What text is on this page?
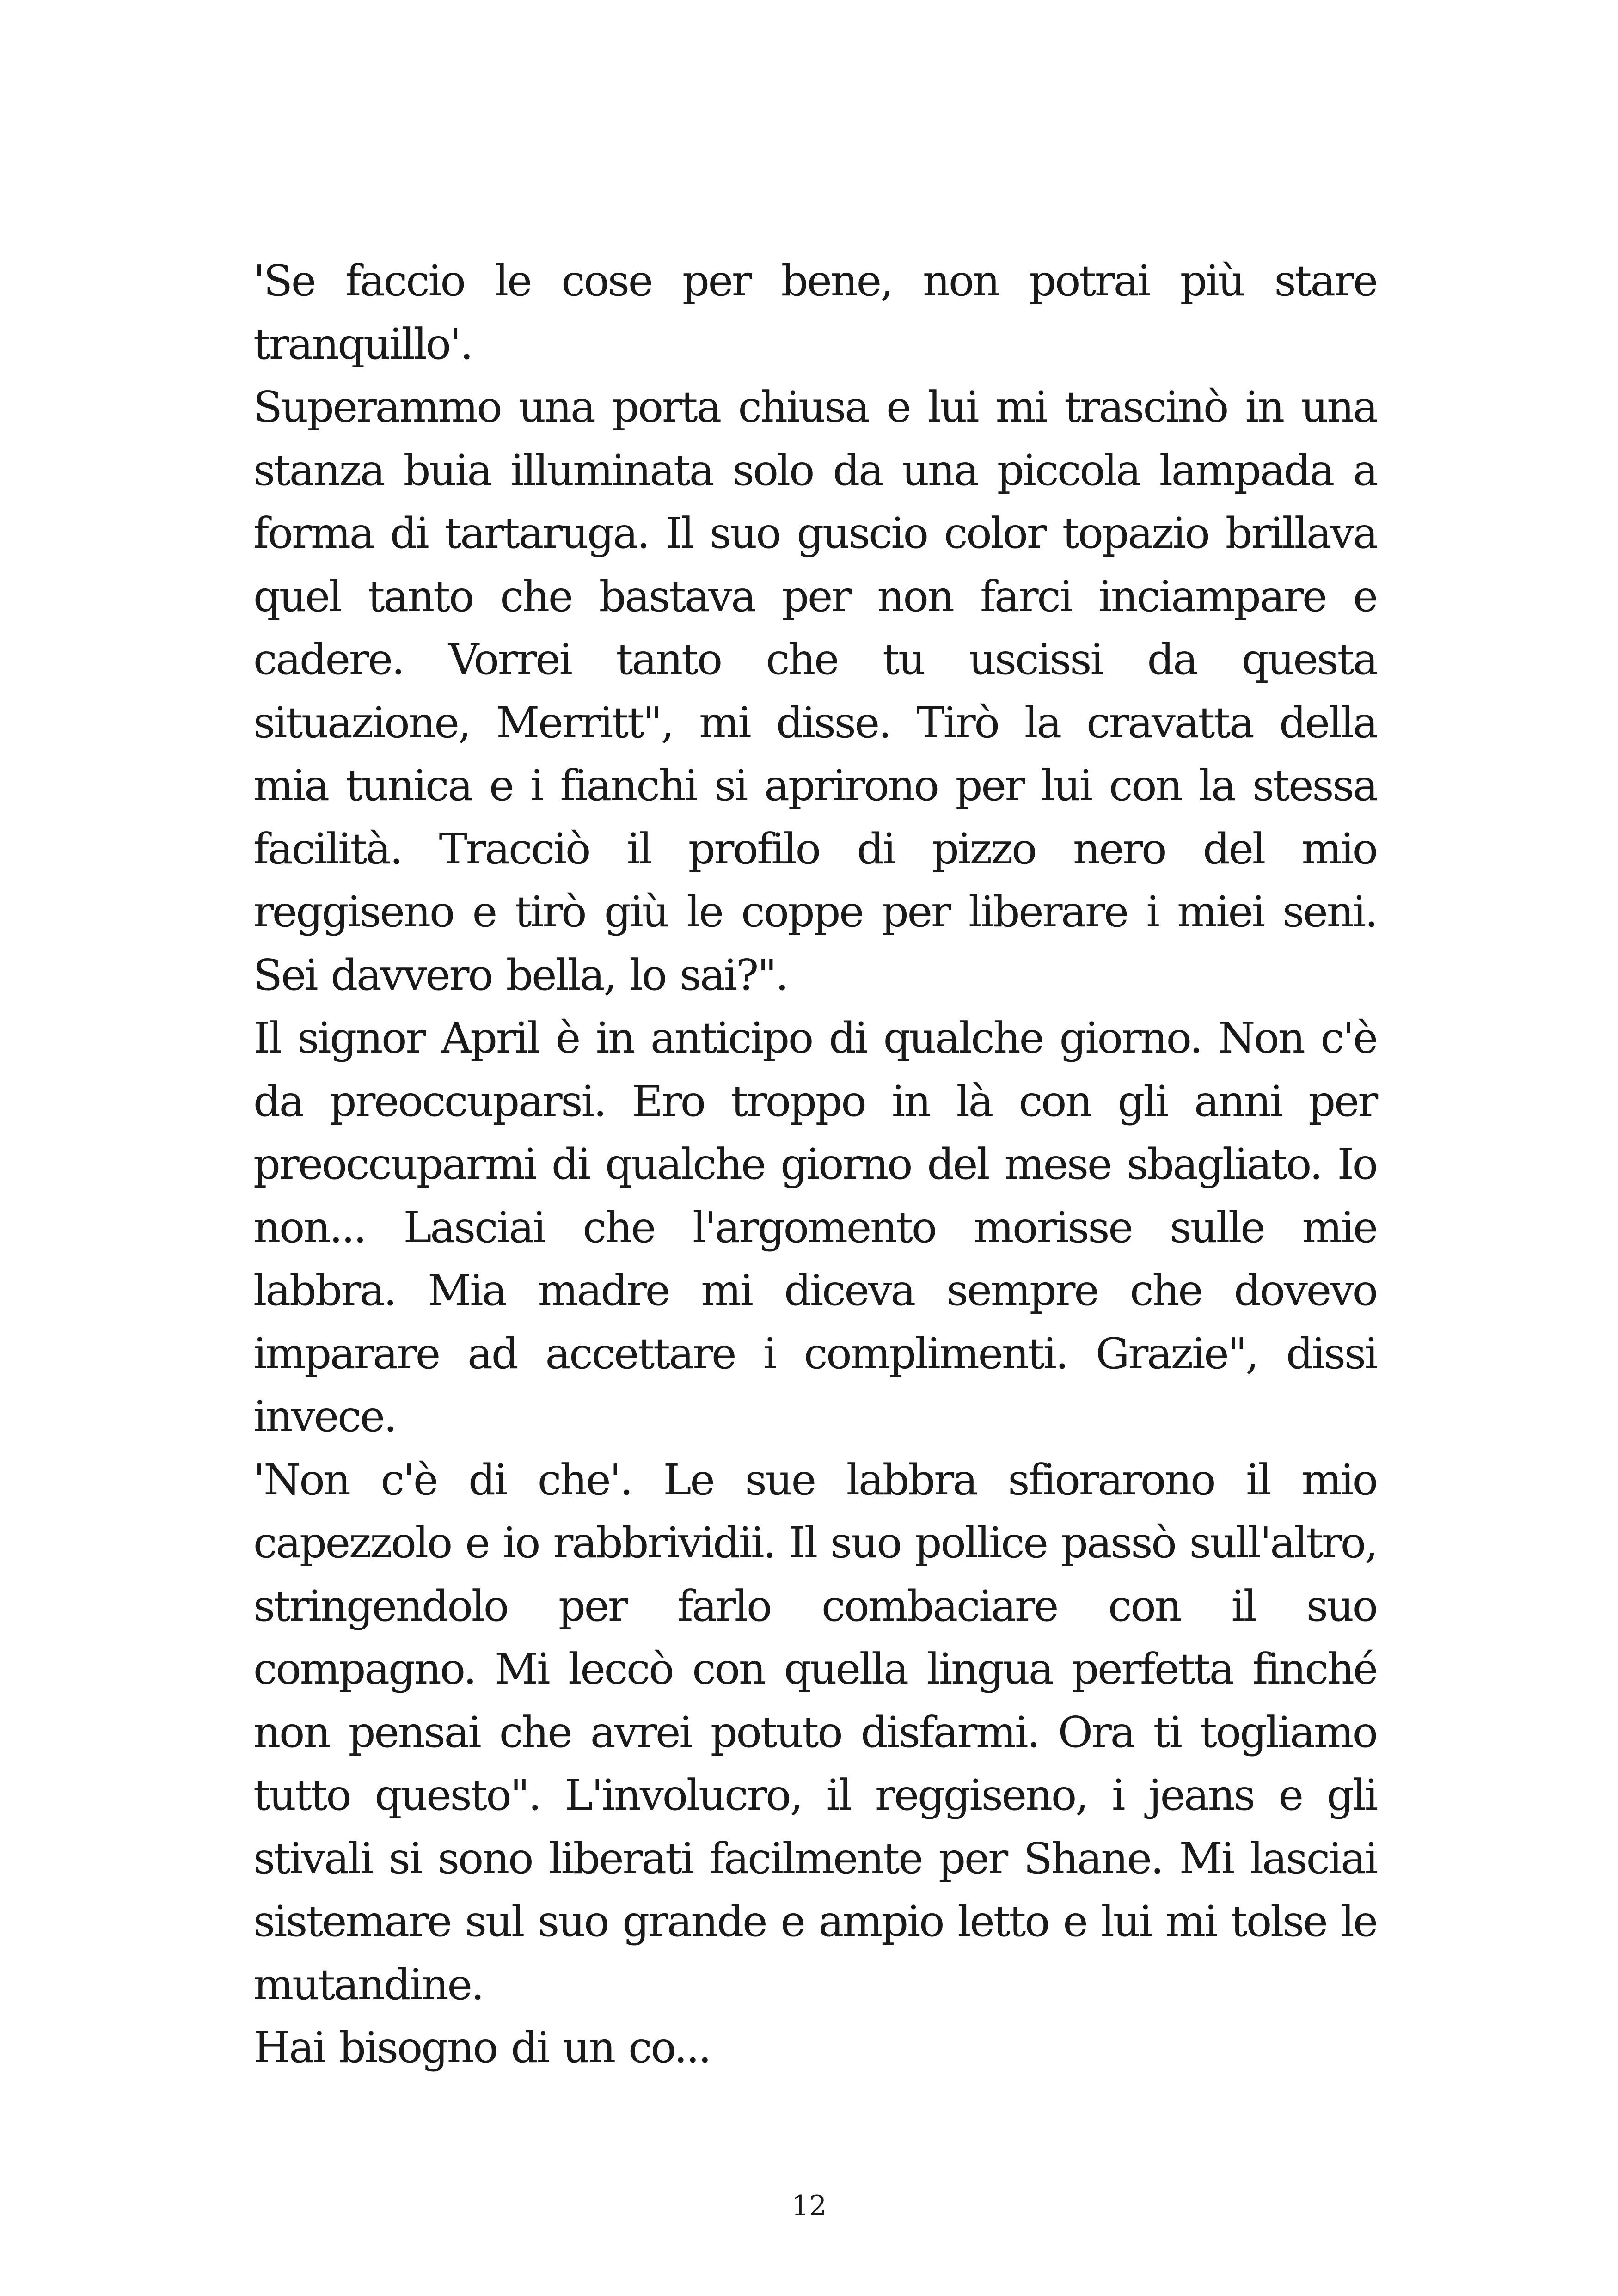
'Se faccio le cose per bene, non potrai più stare tranquillo'.

Superammo una porta chiusa e lui mi trascinò in una stanza buia illuminata solo da una piccola lampada a forma di tartaruga. Il suo guscio color topazio brillava quel tanto che bastava per non farci inciampare e cadere. Vorrei tanto che tu uscissi da questa situazione, Merritt", mi disse. Tirò la cravatta della mia tunica e i fianchi si aprirono per lui con la stessa facilità. Tracciò il profilo di pizzo nero del mio reggiseno e tirò giù le coppe per liberare i miei seni. Sei davvero bella, lo sai?".

Il signor April è in anticipo di qualche giorno. Non c'è da preoccuparsi. Ero troppo in là con gli anni per preoccuparmi di qualche giorno del mese sbagliato. Io non... Lasciai che l'argomento morisse sulle mie labbra. Mia madre mi diceva sempre che dovevo imparare ad accettare i complimenti. Grazie", dissi invece.

'Non c'è di che'. Le sue labbra sfiorarono il mio capezzolo e io rabbrividii. Il suo pollice passò sull'altro, stringendolo per farlo combaciare con il suo compagno. Mi leccò con quella lingua perfetta finché non pensai che avrei potuto disfarmi. Ora ti togliamo tutto questo". L'involucro, il reggiseno, i jeans e gli stivali si sono liberati facilmente per Shane. Mi lasciai sistemare sul suo grande e ampio letto e lui mi tolse le mutandine.

Hai bisogno di un co...

12
